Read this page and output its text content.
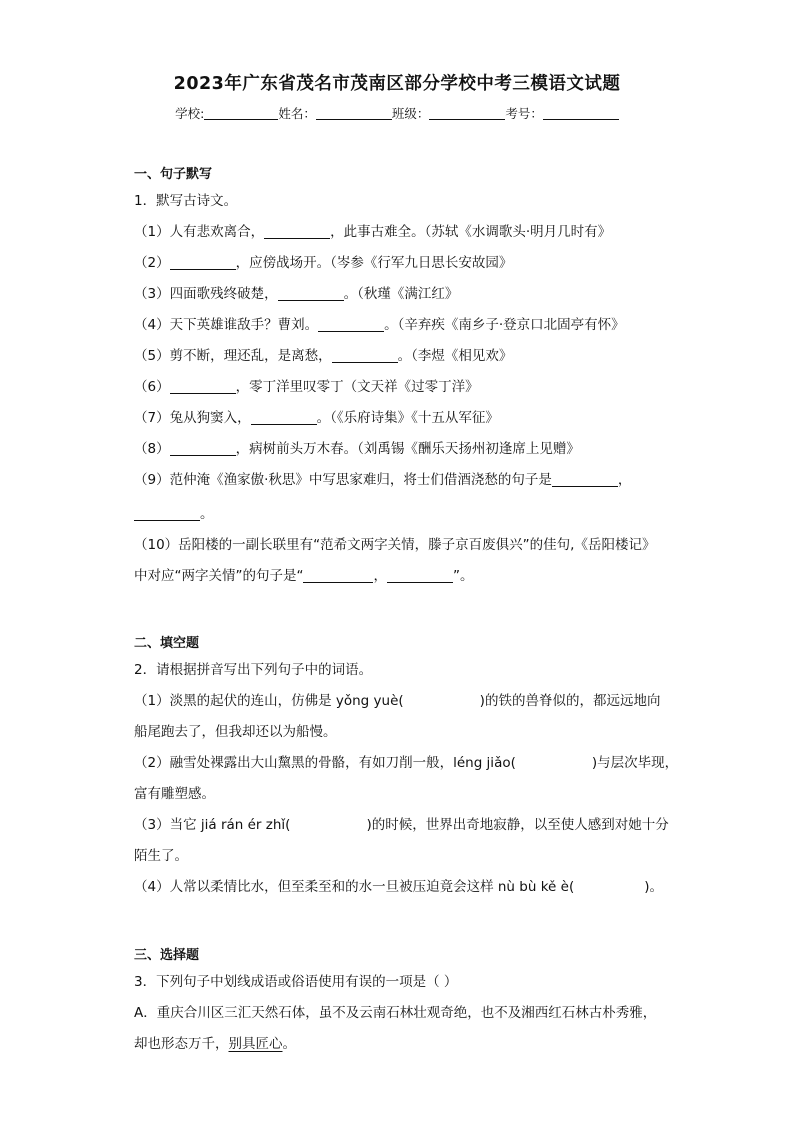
2023年广东省茂名市茂南区部分学校中考三模语文试题
学校:	姓名：	班级：	考号：
一、句子默写
1．默写古诗文。
（1）人有悲欢离合，	，此事古难全。（苏轼《水调歌头·明月几时有》
（2）	，应傍战场开。（岑参《行军九日思长安故园》
（3）四面歌残终破楚，	。（秋瑾《满江红》
（4）天下英雄谁敌手？曹刘。	。（辛弃疾《南乡子·登京口北固亭有怀》
（5）剪不断，理还乱，是离愁，	。（李煜《相见欢》
（6）	，零丁洋里叹零丁（文天祥《过零丁洋》
（7）兔从狗窦入，	。（《乐府诗集》《十五从军征》
（8）	，病树前头万木春。（刘禹锡《酬乐天扬州初逢席上见赠》
（9）范仲淹《渔家傲·秋思》中写思家难归，将士们借酒浇愁的句子是	，
。
（10）岳阳楼的一副长联里有“范希文两字关情，滕子京百废俱兴”的佳句,《岳阳楼记》
中对应“两字关情”的句子是“	，	”。
二、填空题
2．请根据拼音写出下列句子中的词语。
（1）淡黑的起伏的连山，仿佛是 yǒng yuè(	)的铁的兽脊似的，都远远地向
船尾跑去了，但我却还以为船慢。
（2）融雪处裸露出大山黧黑的骨骼，有如刀削一般，léng jiǎo(	)与层次毕现，
富有雕塑感。
（3）当它 jiá rán ér zhǐ(	)的时候，世界出奇地寂静，以至使人感到对她十分
陌生了。
（4）人常以柔情比水，但至柔至和的水一旦被压迫竟会这样 nù bù kě è(	)。
三、选择题
3．下列句子中划线成语或俗语使用有误的一项是（ ）
A．重庆合川区三汇天然石体，虽不及云南石林壮观奇绝，也不及湘西红石林古朴秀雅，
却也形态万千，别具匠心。
